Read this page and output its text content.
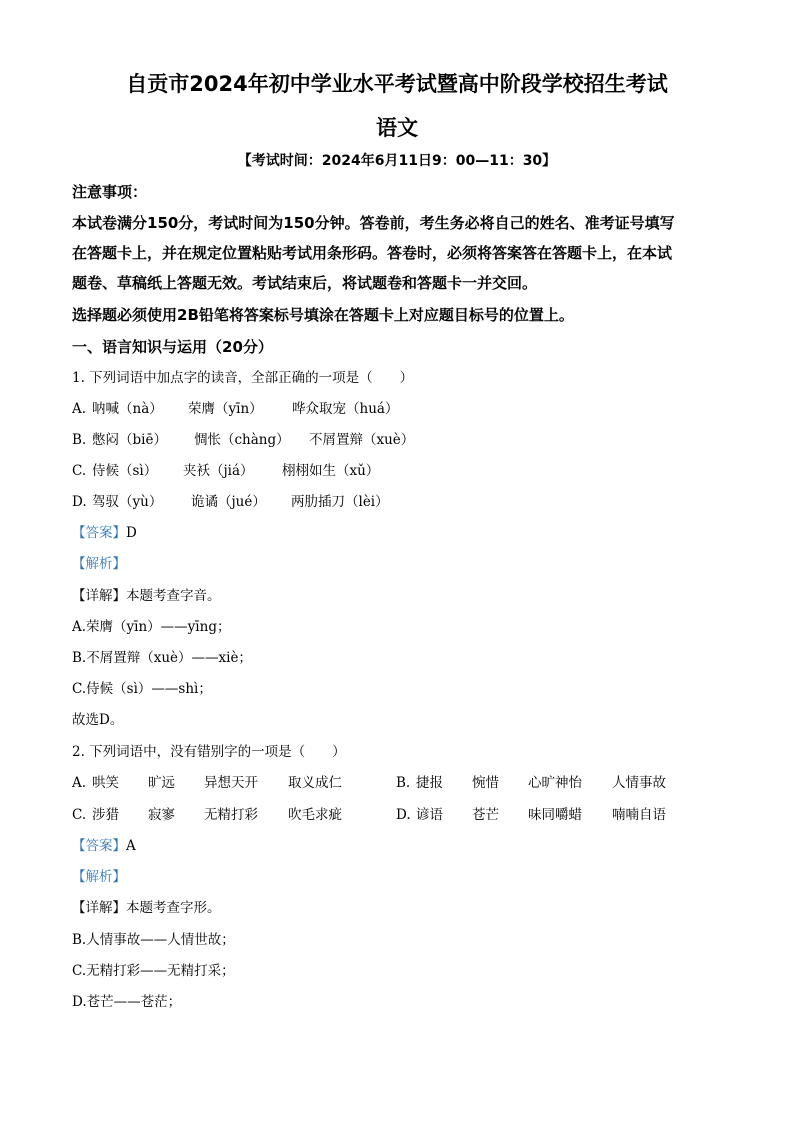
自贡市2024年初中学业水平考试暨高中阶段学校招生考试
语文
【考试时间：2024年6月11日9：00—11：30】
注意事项：
本试卷满分150分，考试时间为150分钟。答卷前，考生务必将自己的姓名、准考证号填写
在答题卡上，并在规定位置粘贴考试用条形码。答卷时，必须将答案答在答题卡上，在本试
题卷、草稿纸上答题无效。考试结束后，将试题卷和答题卡一并交回。
选择题必须使用2B铅笔将答案标号填涂在答题卡上对应题目标号的位置上。
一、语言知识与运用（20分）
1. 下列词语中加点字的读音，全部正确的一项是（　　）
A. 呐喊（nà） 荣膺（yīn） 哗众取宠（huá）
B. 憋闷（biē） 惆怅（chàng） 不屑置辩（xuè）
C. 侍候（sì） 夹袄（jiá） 栩栩如生（xǔ）
D. 驾驭（yù） 诡谲（jué） 两肋插刀（lèi）
【答案】D
【解析】
【详解】本题考查字音。
A.荣膺（yīn）——yīng；
B.不屑置辩（xuè）——xiè；
C.侍候（sì）——shì；
故选D。
2. 下列词语中，没有错别字的一项是（　　）
A. 哄笑 旷远 异想天开 取义成仁	B. 捷报 惋惜 心旷神怡 人情事故
C. 涉猎 寂寥 无精打彩 吹毛求疵	D. 谚语 苍芒 味同嚼蜡 喃喃自语
【答案】A
【解析】
【详解】本题考查字形。
B.人情事故——人情世故；
C.无精打彩——无精打采；
D.苍芒——苍茫；
